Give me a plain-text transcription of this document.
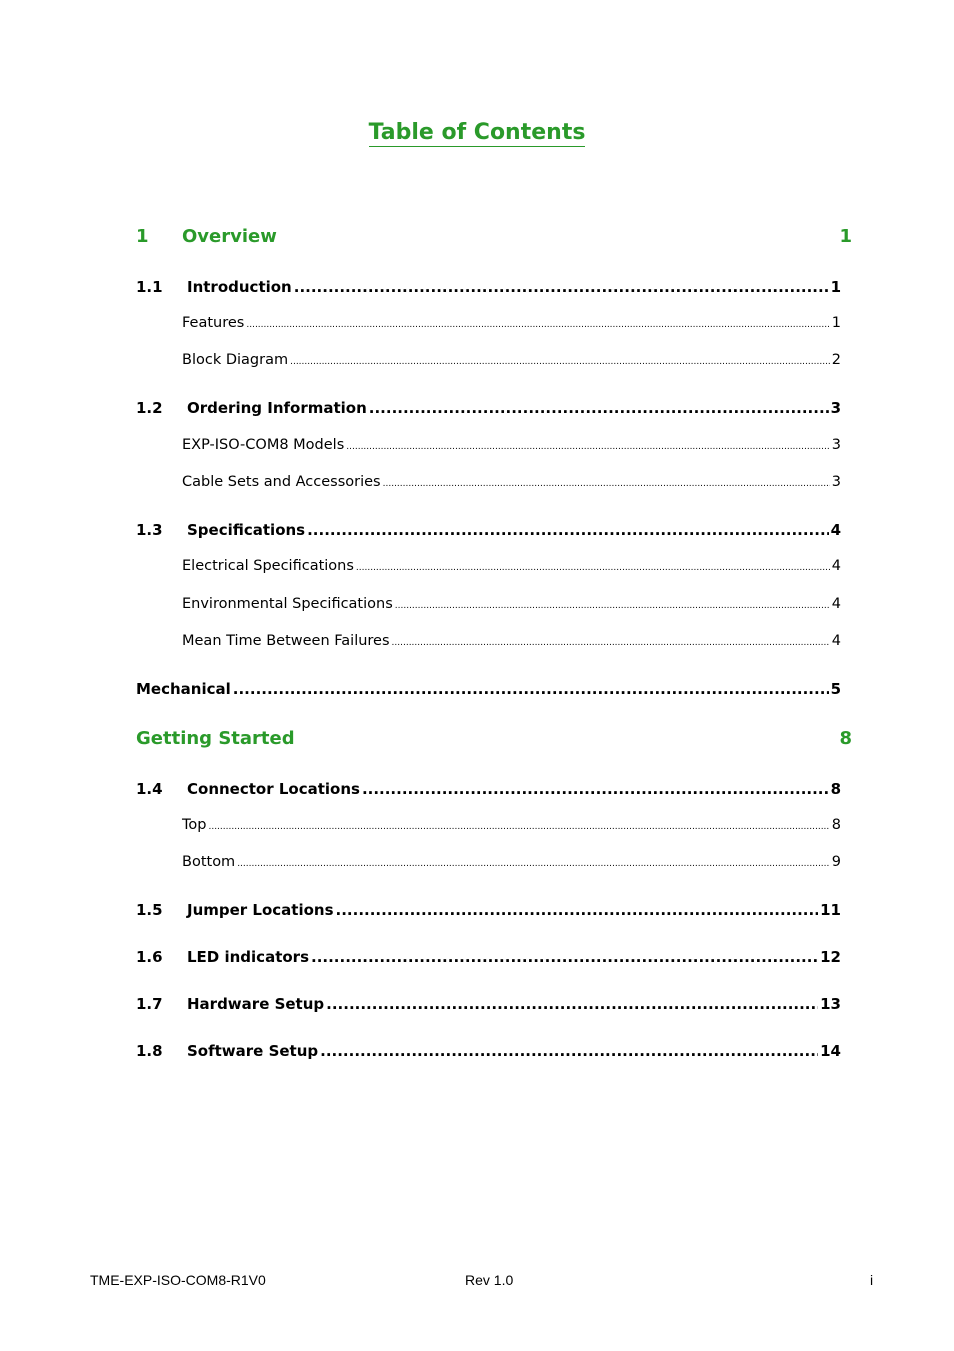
Table of Contents
1	Overview	1
1.1	Introduction .....	1
Features .....	1
Block Diagram .....	2
1.2	Ordering Information .....	3
EXP-ISO-COM8 Models .....	3
Cable Sets and Accessories .....	3
1.3	Specifications .....	4
Electrical Specifications .....	4
Environmental Specifications .....	4
Mean Time Between Failures .....	4
Mechanical .....	5
Getting Started	8
1.4	Connector Locations .....	8
Top .....	8
Bottom .....	9
1.5	Jumper Locations .....	11
1.6	LED indicators .....	12
1.7	Hardware Setup .....	13
1.8	Software Setup .....	14
TME-EXP-ISO-COM8-R1V0	Rev 1.0	i
